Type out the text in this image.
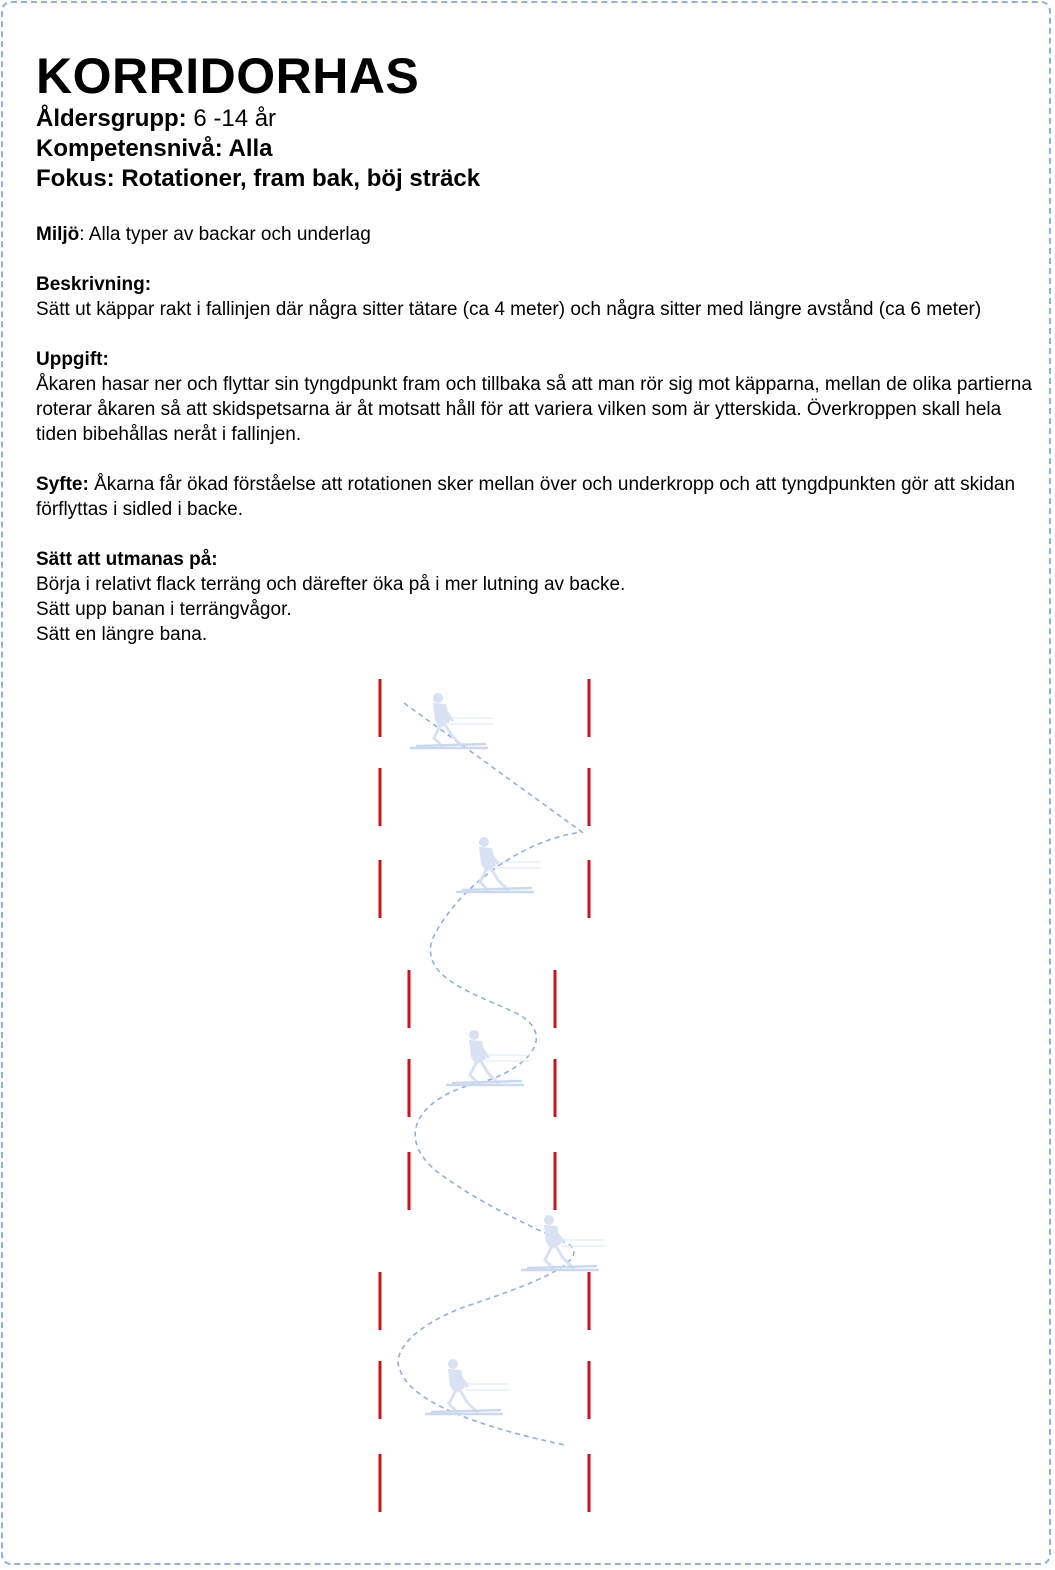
KORRIDORHAS
Åldersgrupp: 6 -14 år
Kompetensnivå: Alla
Fokus: Rotationer, fram bak, böj sträck
Miljö: Alla typer av backar och underlag
Beskrivning:
Sätt ut käppar rakt i fallinjen där några sitter tätare (ca 4 meter) och några sitter med längre avstånd (ca 6 meter)
Uppgift:
Åkaren hasar ner och flyttar sin tyngdpunkt fram och tillbaka så att man rör sig mot käpparna, mellan de olika partierna roterar åkaren så att skidspetsarna är åt motsatt håll för att variera vilken som är ytterskida. Överkroppen skall hela tiden bibehållas neråt i fallinjen.
Syfte: Åkarna får ökad förståelse att rotationen sker mellan över och underkropp och att tyngdpunkten gör att skidan förflyttas i sidled i backe.
Sätt att utmanas på:
Börja i relativt flack terräng och därefter öka på i mer lutning av backe.
Sätt upp banan i terrängvågor.
Sätt en längre bana.
